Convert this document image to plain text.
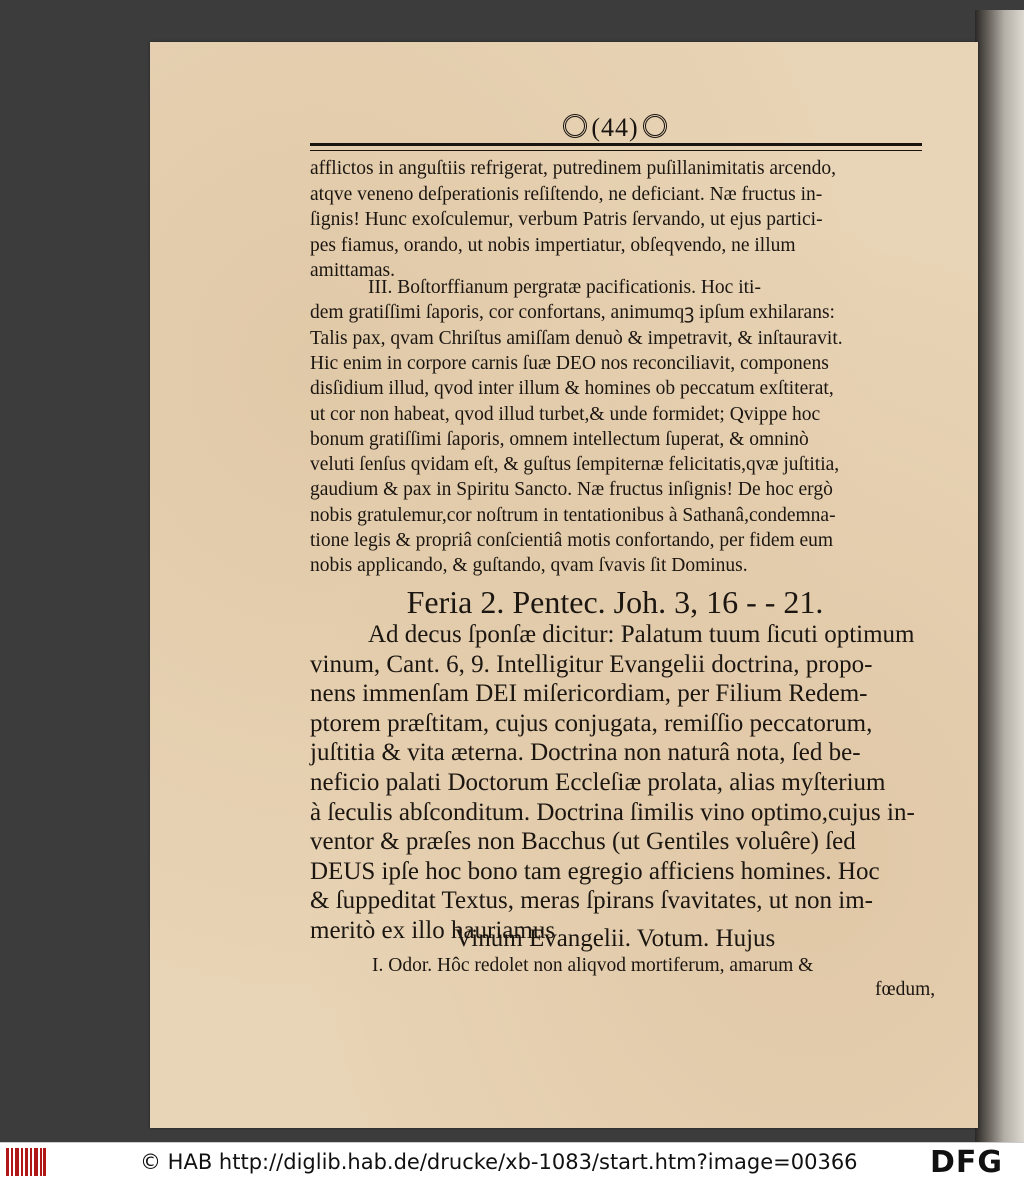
(44)
afflictos in anguſtiis refrigerat, putredinem puſillanimitatis arcendo,
atqve veneno deſperationis reſiſtendo, ne deficiant. Næ fructus in-
ſignis! Hunc exoſculemur, verbum Patris ſervando, ut ejus partici-
pes fiamus, orando, ut nobis impertiatur, obſeqvendo, ne illum
amittamas.
III. Boſtorffianum pergratæ pacificationis. Hoc iti-
dem gratiſſimi ſaporis, cor confortans, animumqꝫ ipſum exhilarans:
Talis pax, qvam Chriſtus amiſſam denuò & impetravit, & inſtauravit.
Hic enim in corpore carnis ſuæ DEO nos reconciliavit, componens
disſidium illud, qvod inter illum & homines ob peccatum exſtiterat,
ut cor non habeat, qvod illud turbet,& unde formidet; Qvippe hoc
bonum gratiſſimi ſaporis, omnem intellectum ſuperat, & omninò
veluti ſenſus qvidam eſt, & guſtus ſempiternæ felicitatis,qvæ juſtitia,
gaudium & pax in Spiritu Sancto. Næ fructus inſignis! De hoc ergò
nobis gratulemur,cor noſtrum in tentationibus à Sathanâ,condemna-
tione legis & propriâ conſcientiâ motis confortando, per fidem eum
nobis applicando, & guſtando, qvam ſvavis ſit Dominus.
Feria 2. Pentec. Joh. 3, 16 - - 21.
Ad decus ſponſæ dicitur: Palatum tuum ſicuti optimum
vinum, Cant. 6, 9. Intelligitur Evangelii doctrina, propo-
nens immenſam DEI miſericordiam, per Filium Redem-
ptorem præſtitam, cujus conjugata, remiſſio peccatorum,
juſtitia & vita æterna. Doctrina non naturâ nota, ſed be-
neficio palati Doctorum Eccleſiæ prolata, alias myſterium
à ſeculis abſconditum. Doctrina ſimilis vino optimo,cujus in-
ventor & præſes non Bacchus (ut Gentiles voluêre) ſed
DEUS ipſe hoc bono tam egregio afficiens homines. Hoc
& ſuppeditat Textus, meras ſpirans ſvavitates, ut non im-
meritò ex illo hauriamus
Vinum Evangelii. Votum. Hujus
I. Odor. Hôc redolet non aliqvod mortiferum, amarum &
fœdum,
© HAB http://diglib.hab.de/drucke/xb-1083/start.htm?image=00366 DFG
